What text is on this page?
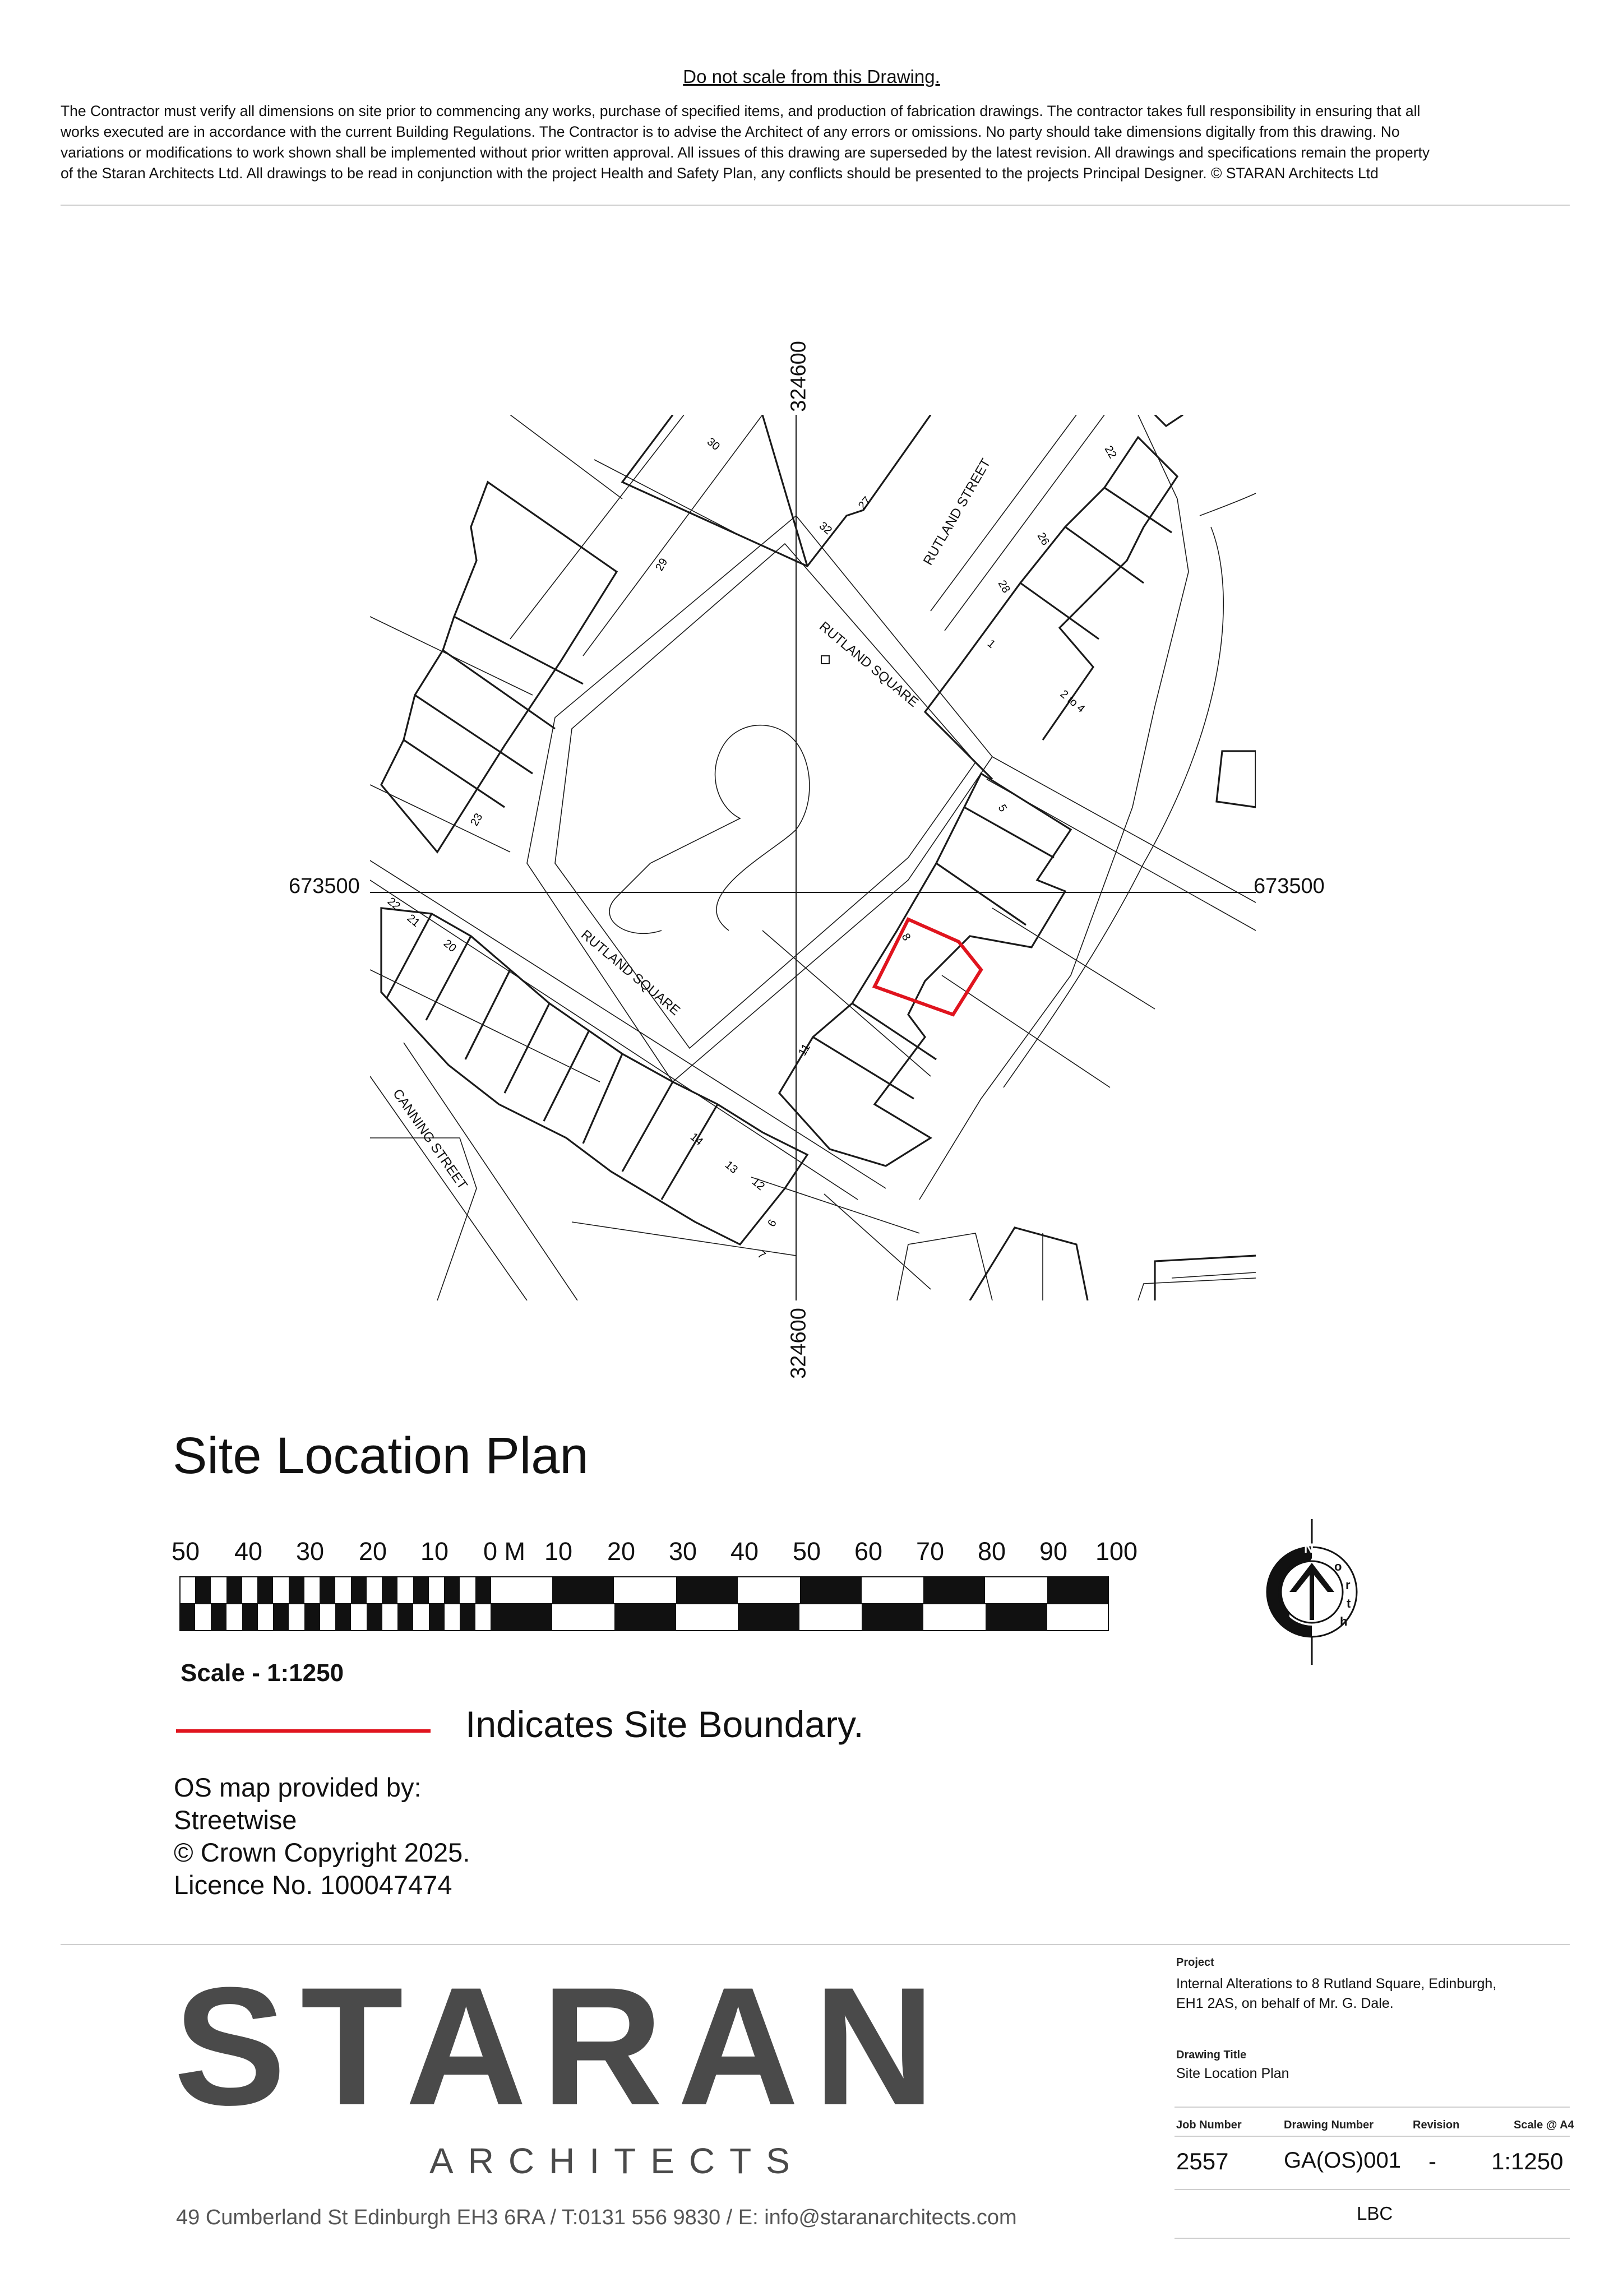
Do not scale from this Drawing.
The Contractor must verify all dimensions on site prior to commencing any works, purchase of specified items, and production of fabrication drawings. The contractor takes full responsibility in ensuring that all
works executed are in accordance with the current Building Regulations. The Contractor is to advise the Architect of any errors or omissions. No party should take dimensions digitally from this drawing. No
variations or modifications to work shown shall be implemented without prior written approval. All issues of this drawing are superseded by the latest revision. All drawings and specifications remain the property
of the Staran Architects Ltd. All drawings to be read in conjunction with the project Health and Safety Plan, any conflicts should be presented to the projects Principal Designer. © STARAN Architects Ltd
324600
324600
673500	673500
RUTLAND STREET
RUTLAND SQUARE
RUTLAND SQUARE
CANNING STREET
30
32
27
22
26
28
1
29
2 to 4
23
5
21
22
20
8
11
14
13
12
6
7
Site Location Plan
50 40 30 20 10 0 M 10 20 30 40 50 60 70 80 90 100
Scale - 1:1250
N
o
r
t
h
Indicates Site Boundary.
OS map provided by:
Streetwise
© Crown Copyright 2025.
Licence No. 100047474
STARAN
ARCHITECTS
49 Cumberland St Edinburgh EH3 6RA / T:0131 556 9830 / E: info@staranarchitects.com
Project
Internal Alterations to 8 Rutland Square, Edinburgh,
EH1 2AS, on behalf of Mr. G. Dale.
Drawing Title
Site Location Plan
Job Number	Drawing Number	Revision	Scale @ A4
2557 GA(OS)001 - 1:1250
LBC
